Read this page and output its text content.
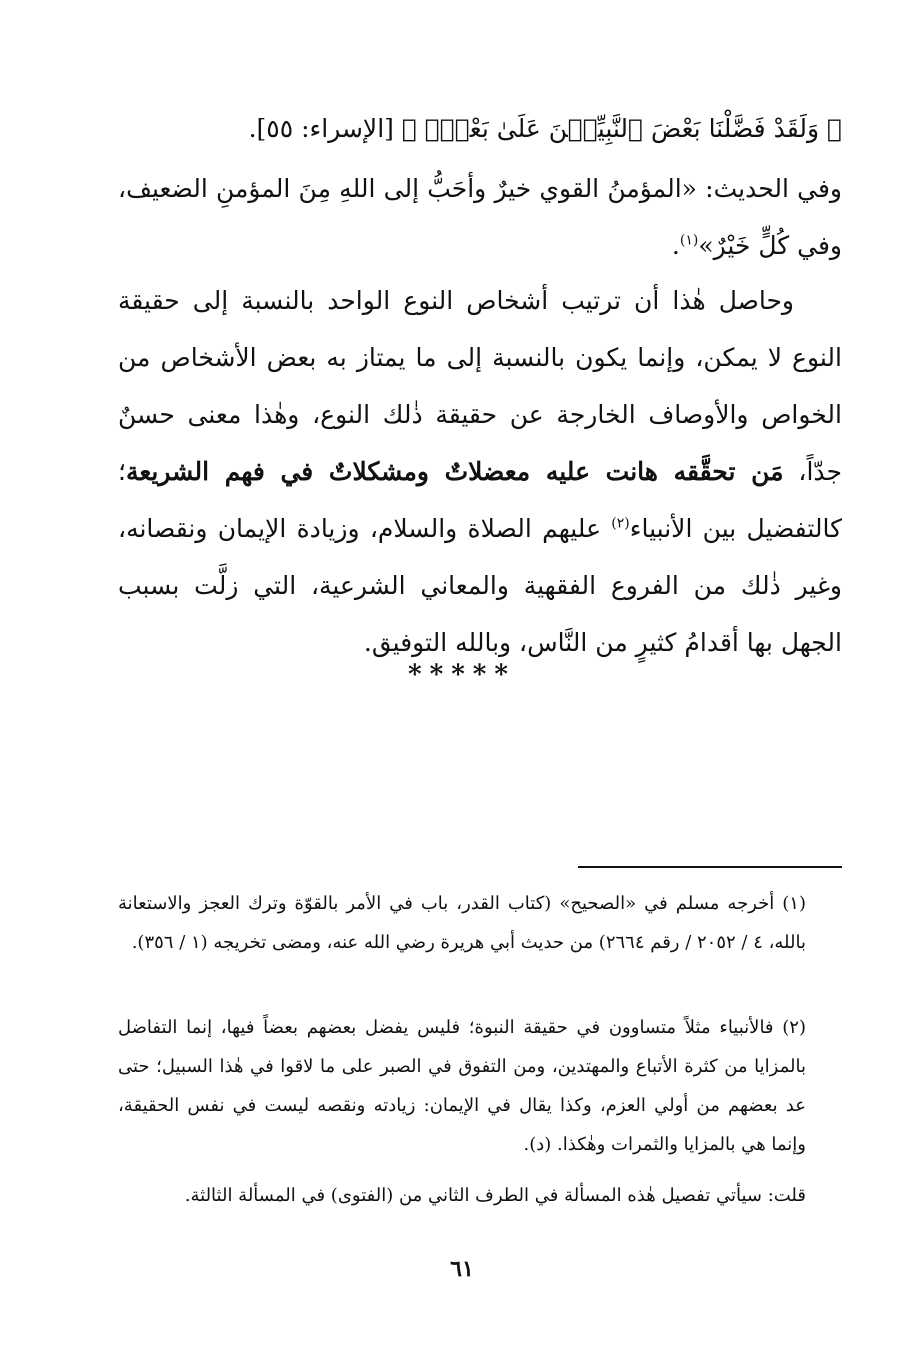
﴿ وَلَقَدْ فَضَّلْنَا بَعْضَ ٱلنَّبِيِّـۧنَ عَلَىٰ بَعْضٍۢ ﴾ [الإسراء: ٥٥].
وفي الحديث: «المؤمنُ القوي خيرٌ وأحَبُّ إلى اللهِ مِنَ المؤمنِ الضعيف، وفي كُلٍّ خَيْرٌ»$^{(١)}$.
وحاصل هٰذا أن ترتيب أشخاص النوع الواحد بالنسبة إلى حقيقة النوع لا يمكن، وإنما يكون بالنسبة إلى ما يمتاز به بعض الأشخاص من الخواص والأوصاف الخارجة عن حقيقة ذٰلك النوع، وهٰذا معنى حسنٌ جدّاً، مَن تحقَّقه هانت عليه معضلاتٌ ومشكلاتٌ في فهم الشريعة؛ كالتفضيل بين الأنبياء$^{(٢)}$ عليهم الصلاة والسلام، وزيادة الإيمان ونقصانه، وغير ذٰلك من الفروع الفقهية والمعاني الشرعية، التي زلَّت بسبب الجهل بها أقدامُ كثيرٍ من النَّاس، وبالله التوفيق.
*****
(١) أخرجه مسلم في «الصحيح» (كتاب القدر، باب في الأمر بالقوّة وترك العجز والاستعانة بالله، ٤ / ٢٠٥٢ / رقم ٢٦٦٤) من حديث أبي هريرة رضي الله عنه، ومضى تخريجه (١ / ٣٥٦).
(٢) فالأنبياء مثلاً متساوون في حقيقة النبوة؛ فليس يفضل بعضهم بعضاً فيها، إنما التفاضل بالمزايا من كثرة الأتباع والمهتدين، ومن التفوق في الصبر على ما لاقوا في هٰذا السبيل؛ حتى عد بعضهم من أولي العزم، وكذا يقال في الإيمان: زيادته ونقصه ليست في نفس الحقيقة، وإنما هي بالمزايا والثمرات وهٰكذا. (د).
قلت: سيأتي تفصيل هٰذه المسألة في الطرف الثاني من (الفتوى) في المسألة الثالثة.
٦١
